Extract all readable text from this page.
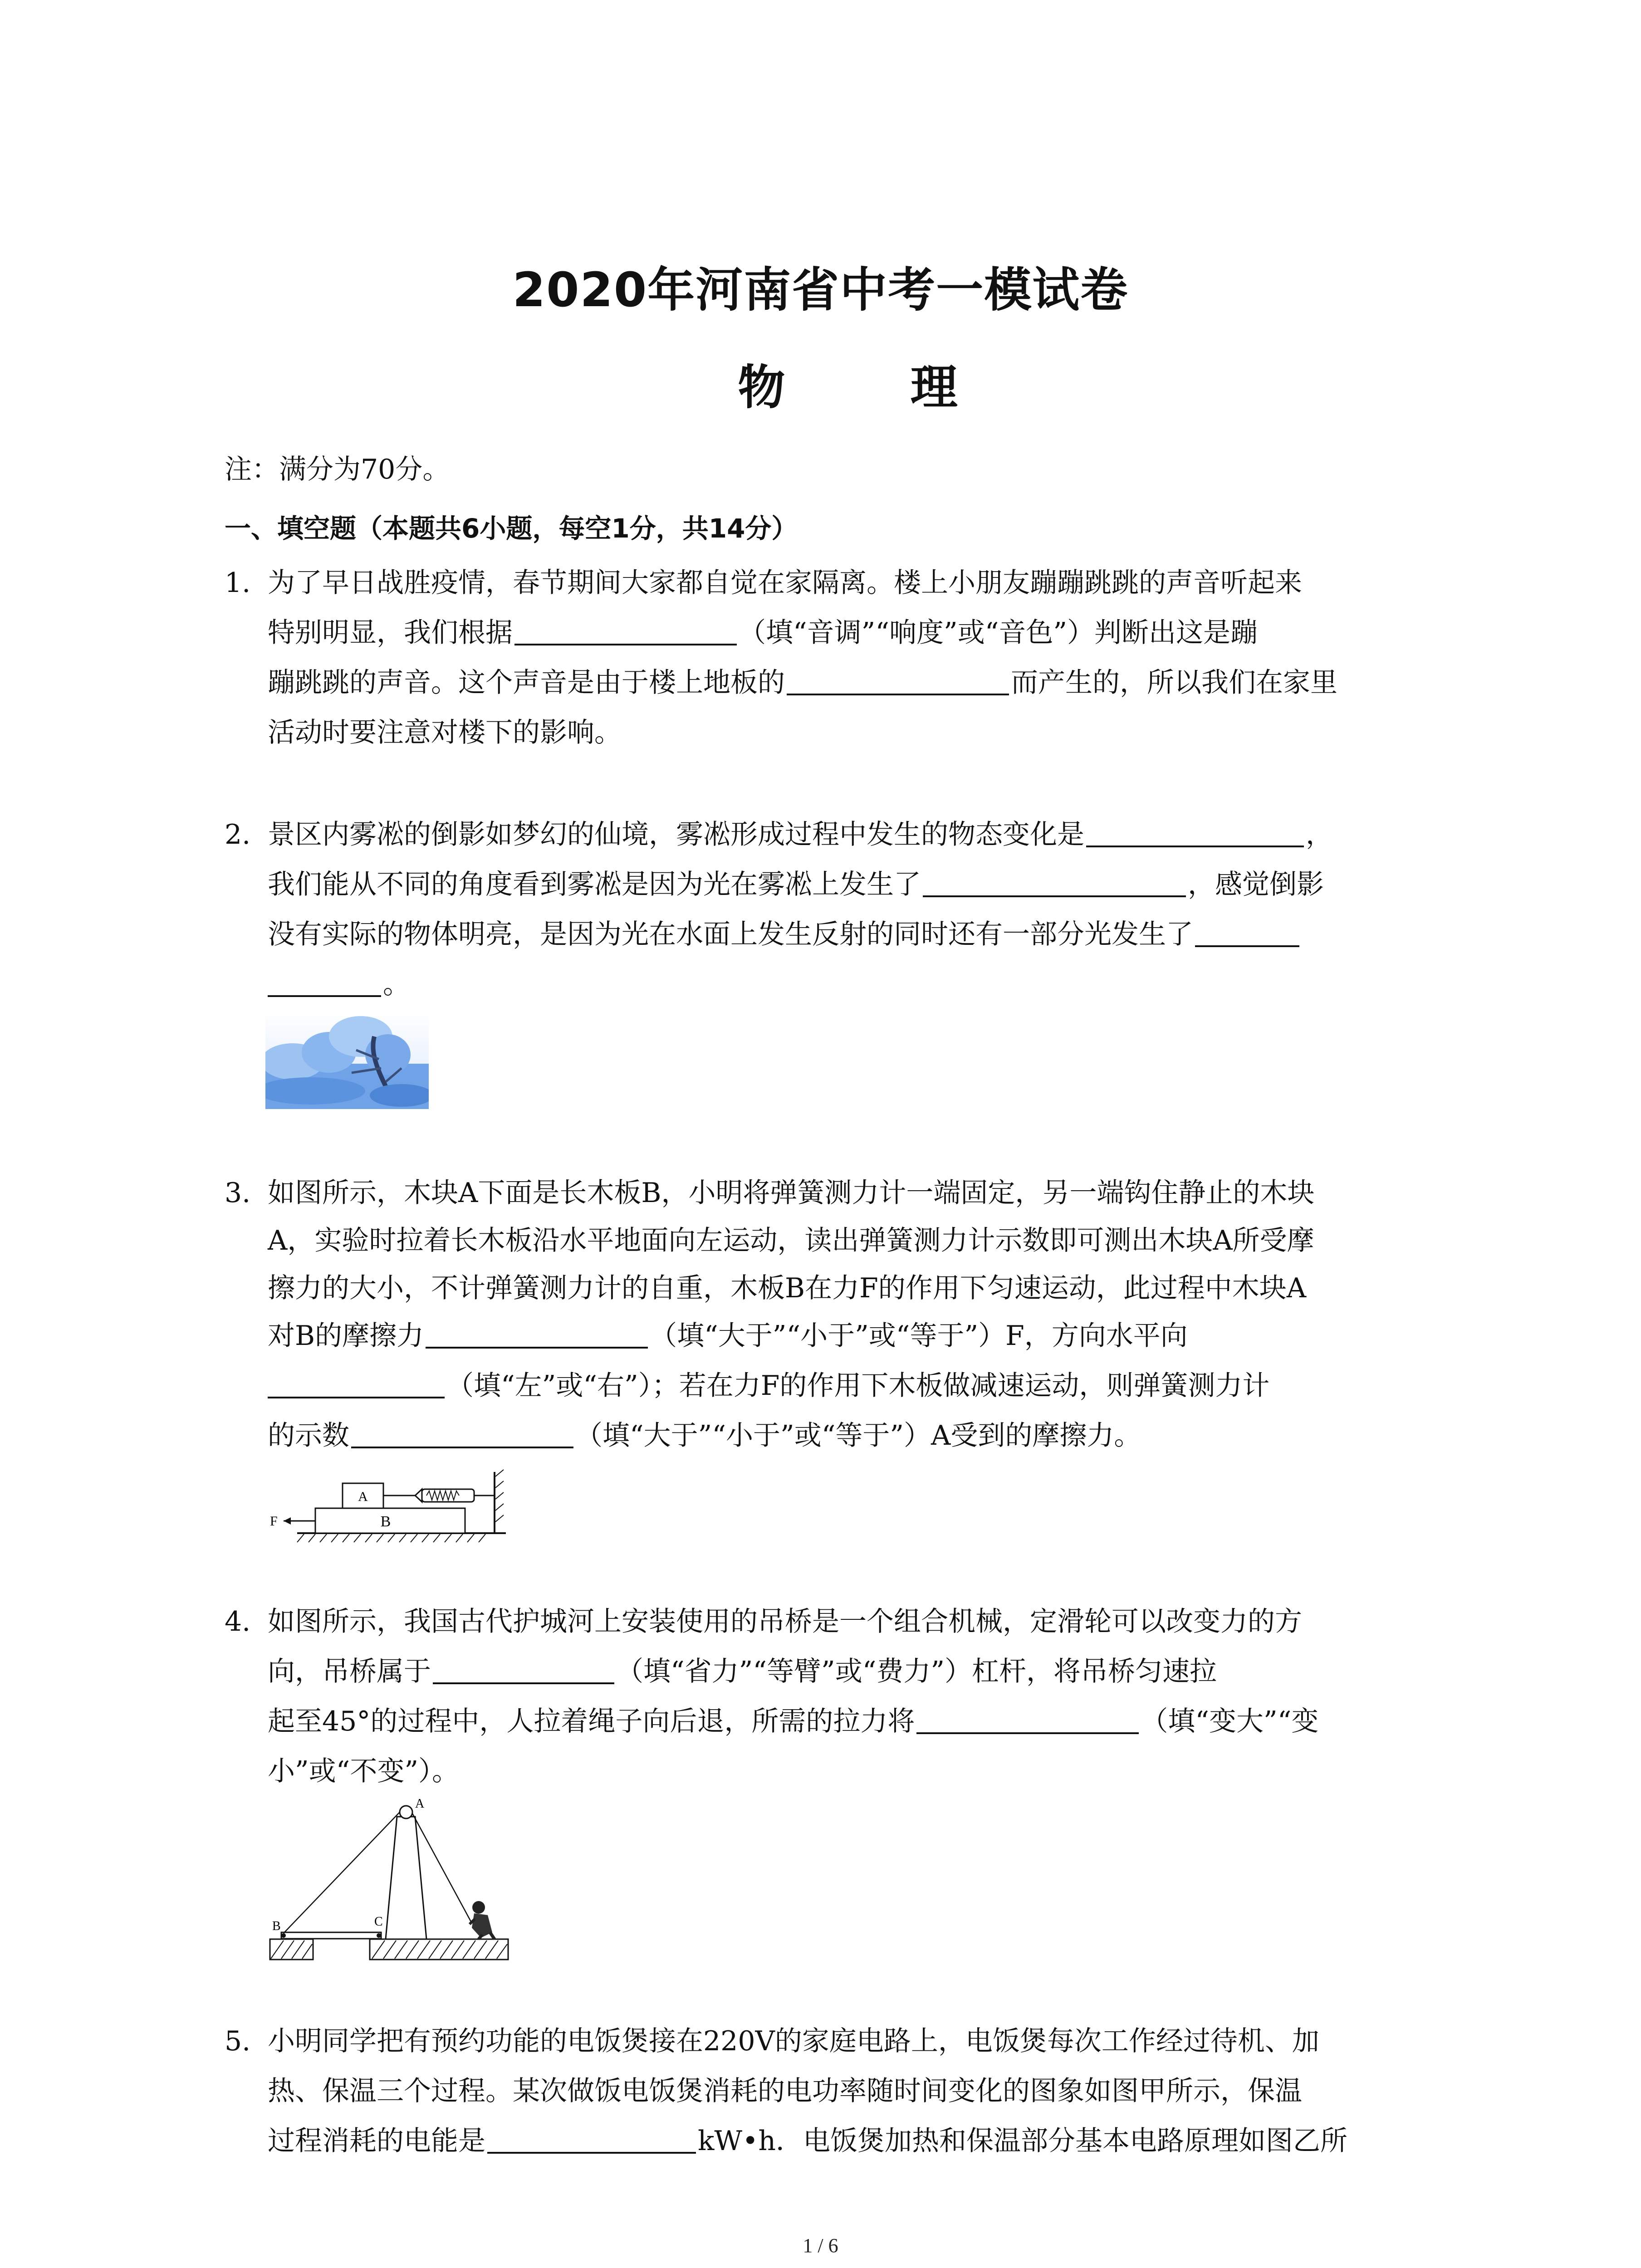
2020年河南省中考一模试卷
物 理
注：满分为70分。
一、填空题（本题共6小题，每空1分，共14分）
1. 为了早日战胜疫情，春节期间大家都自觉在家隔离。楼上小朋友蹦蹦跳跳的声音听起来
特别明显，我们根据	（填“音调”“响度”或“音色”）判断出这是蹦
蹦跳跳的声音。这个声音是由于楼上地板的	而产生的，所以我们在家里
活动时要注意对楼下的影响。
2. 景区内雾凇的倒影如梦幻的仙境，雾凇形成过程中发生的物态变化是	，
我们能从不同的角度看到雾凇是因为光在雾凇上发生了	，感觉倒影
没有实际的物体明亮，是因为光在水面上发生反射的同时还有一部分光发生了
。
3. 如图所示，木块A下面是长木板B，小明将弹簧测力计一端固定，另一端钩住静止的木块
A，实验时拉着长木板沿水平地面向左运动，读出弹簧测力计示数即可测出木块A所受摩
擦力的大小，不计弹簧测力计的自重，木板B在力F的作用下匀速运动，此过程中木块A
对B的摩擦力	（填“大于”“小于”或“等于”）F，方向水平向
（填“左”或“右”）；若在力F的作用下木板做减速运动，则弹簧测力计
的示数	（填“大于”“小于”或“等于”）A受到的摩擦力。
B
A
F
4. 如图所示，我国古代护城河上安装使用的吊桥是一个组合机械，定滑轮可以改变力的方
向，吊桥属于	（填“省力”“等臂”或“费力”）杠杆，将吊桥匀速拉
起至45°的过程中，人拉着绳子向后退，所需的拉力将	（填“变大”“变
小”或“不变”）。
A
B	C
5. 小明同学把有预约功能的电饭煲接在220V的家庭电路上，电饭煲每次工作经过待机、加
热、保温三个过程。某次做饭电饭煲消耗的电功率随时间变化的图象如图甲所示，保温
过程消耗的电能是	kW•h．电饭煲加热和保温部分基本电路原理如图乙所
1 / 6
